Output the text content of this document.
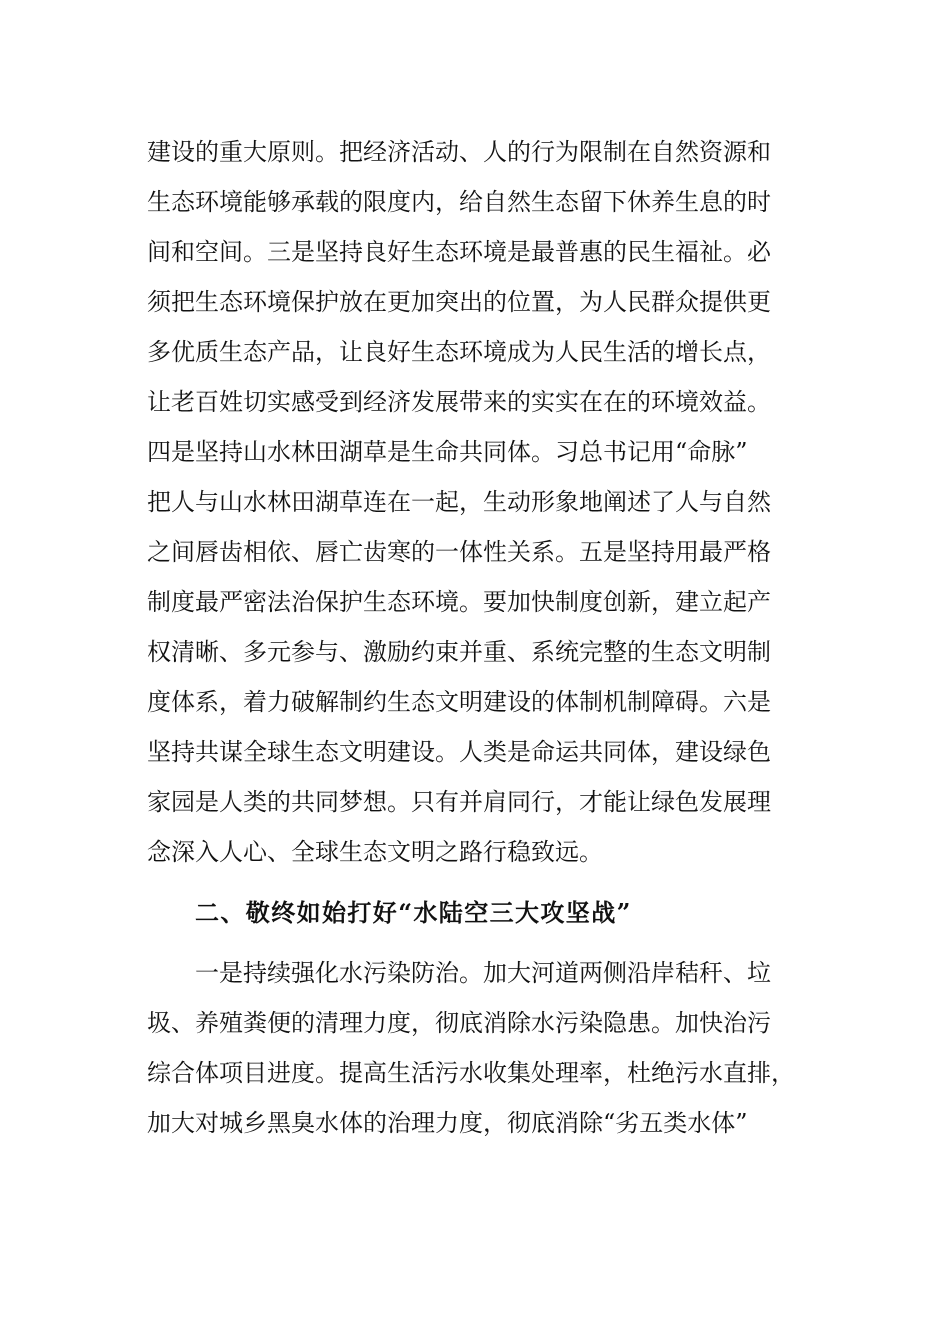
建设的重大原则。把经济活动、人的行为限制在自然资源和
生态环境能够承载的限度内，给自然生态留下休养生息的时
间和空间。三是坚持良好生态环境是最普惠的民生福祉。必
须把生态环境保护放在更加突出的位置，为人民群众提供更
多优质生态产品，让良好生态环境成为人民生活的增长点，
让老百姓切实感受到经济发展带来的实实在在的环境效益。
四是坚持山水林田湖草是生命共同体。习总书记用“命脉”
把人与山水林田湖草连在一起，生动形象地阐述了人与自然
之间唇齿相依、唇亡齿寒的一体性关系。五是坚持用最严格
制度最严密法治保护生态环境。要加快制度创新，建立起产
权清晰、多元参与、激励约束并重、系统完整的生态文明制
度体系，着力破解制约生态文明建设的体制机制障碍。六是
坚持共谋全球生态文明建设。人类是命运共同体，建设绿色
家园是人类的共同梦想。只有并肩同行，才能让绿色发展理
念深入人心、全球生态文明之路行稳致远。
二、敬终如始打好“水陆空三大攻坚战”
一是持续强化水污染防治。加大河道两侧沿岸秸秆、垃
圾、养殖粪便的清理力度，彻底消除水污染隐患。加快治污
综合体项目进度。提高生活污水收集处理率，杜绝污水直排，
加大对城乡黑臭水体的治理力度，彻底消除“劣五类水体”
